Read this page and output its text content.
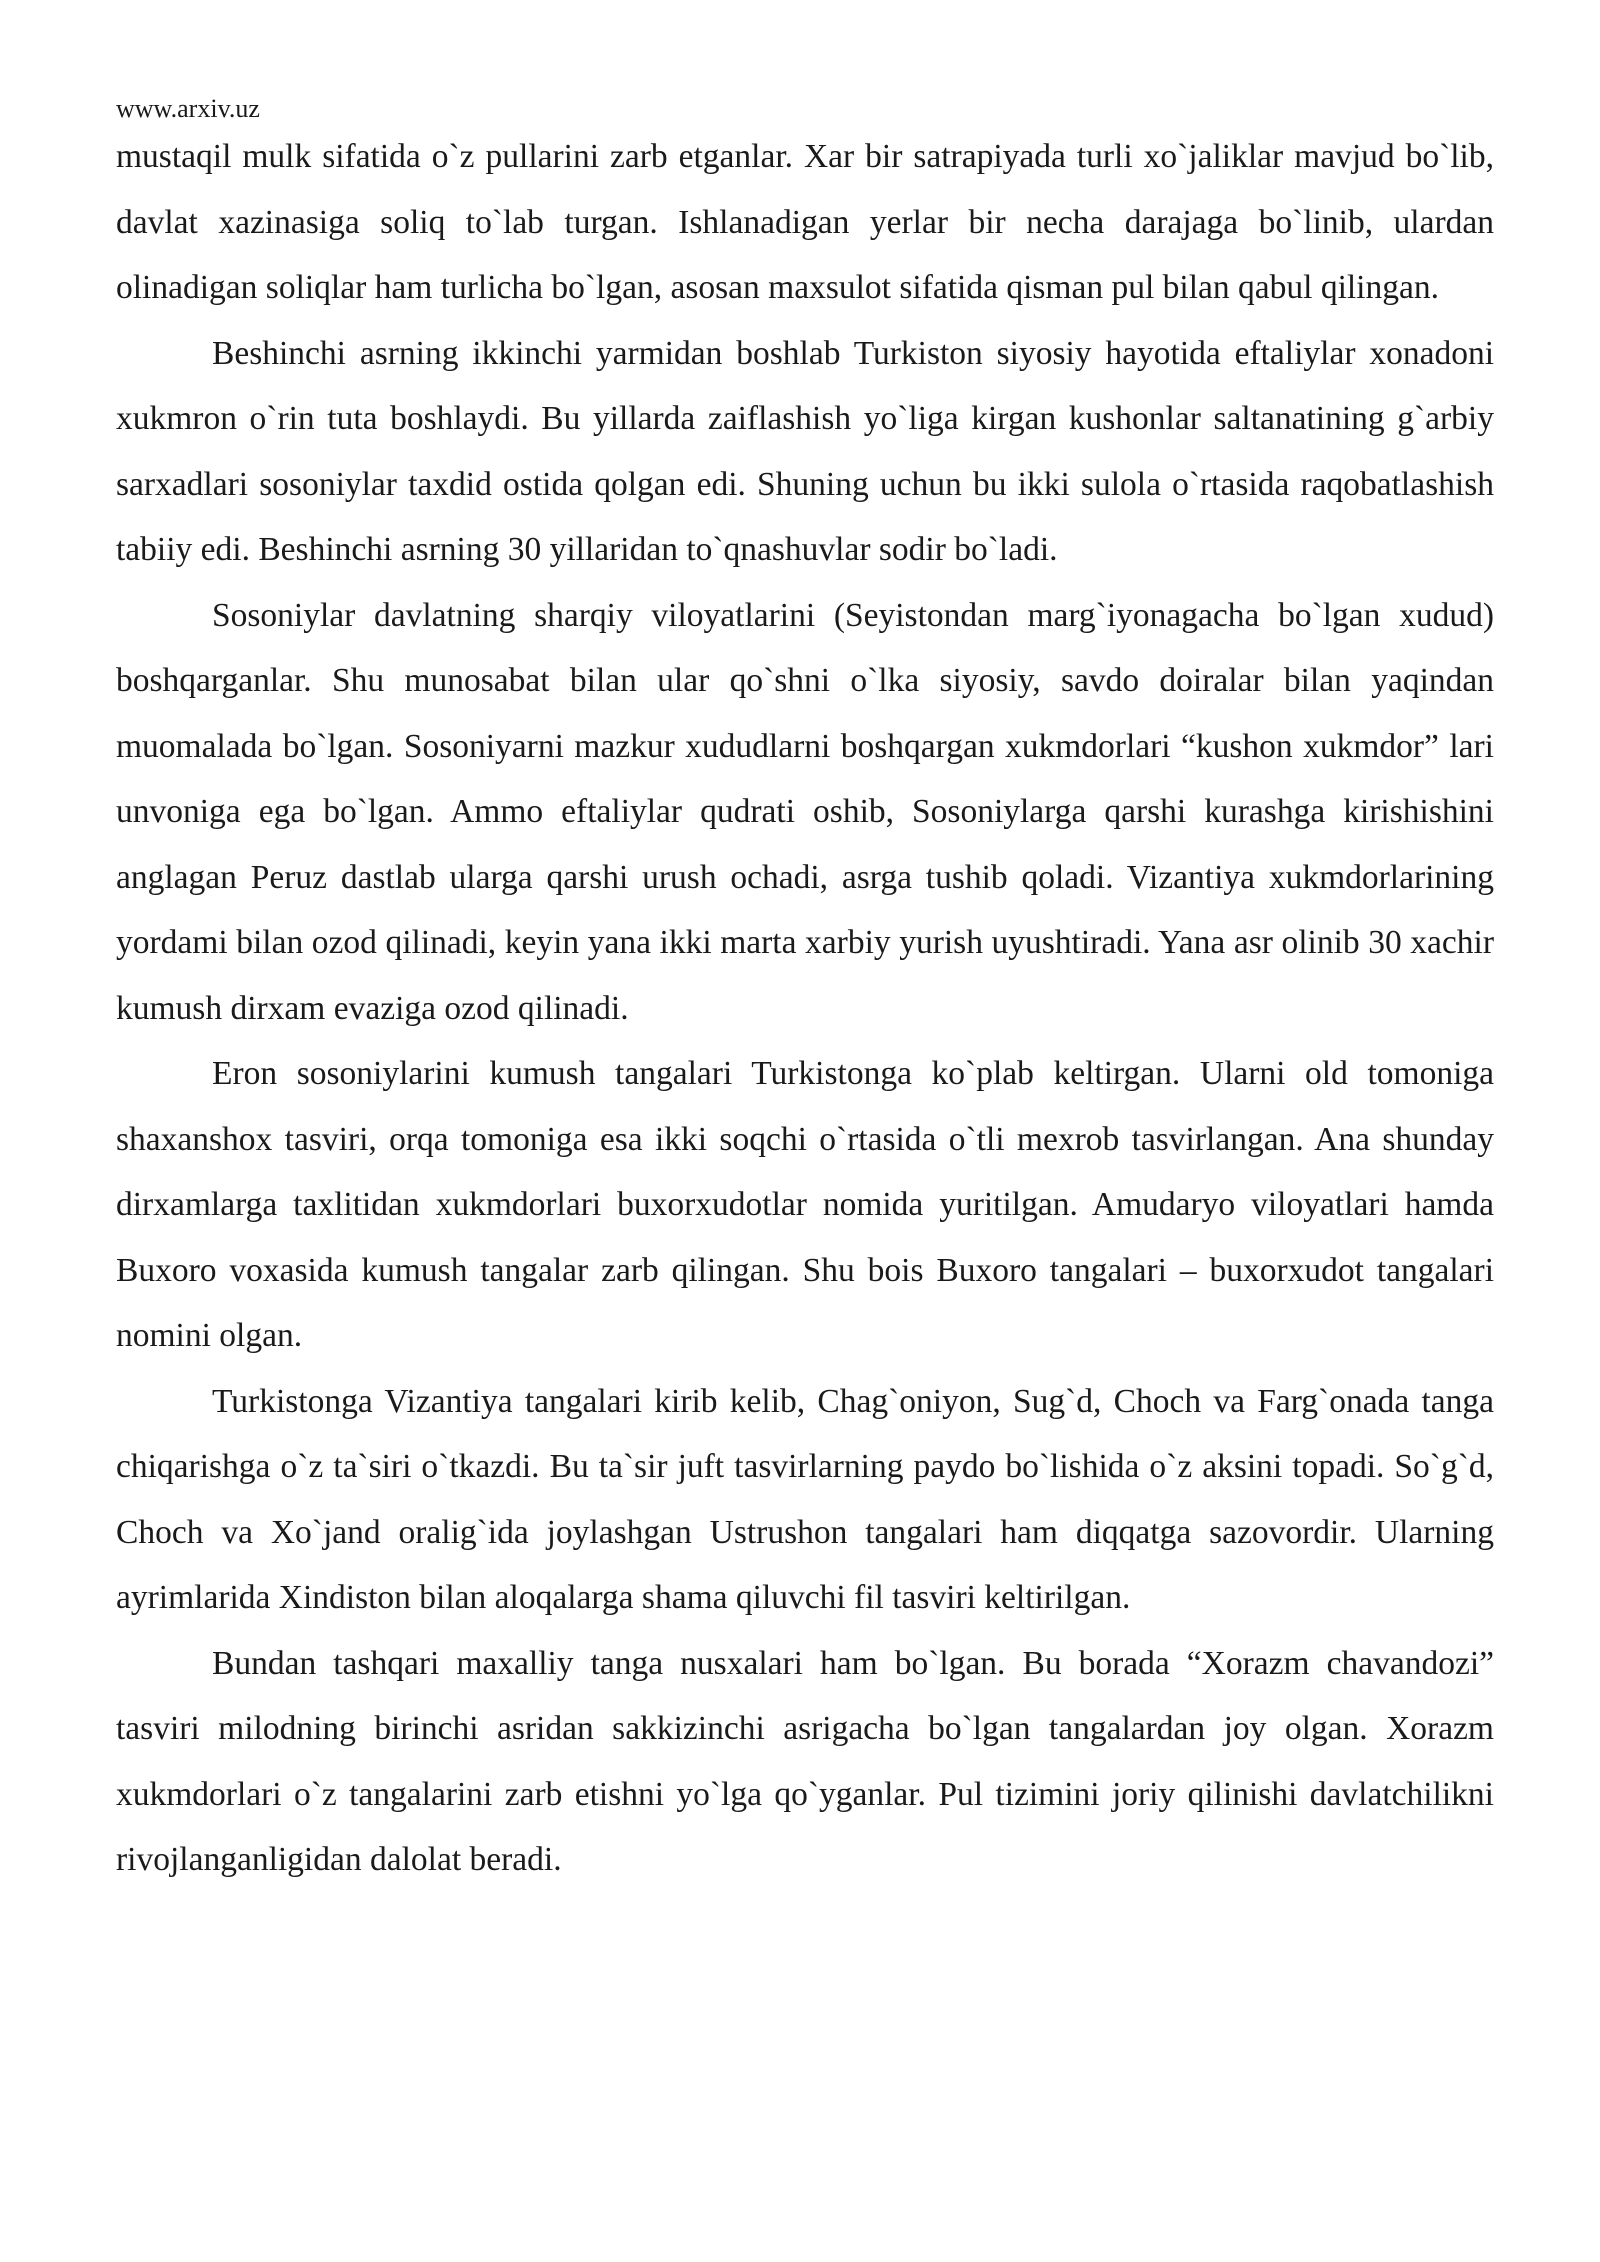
www.arxiv.uz

mustaqil mulk sifatida o`z pullarini zarb etganlar. Xar bir satrapiyada turli xo`jaliklar mavjud bo`lib, davlat xazinasiga soliq to`lab turgan. Ishlanadigan yerlar bir necha darajaga bo`linib, ulardan olinadigan soliqlar ham turlicha bo`lgan, asosan maxsulot sifatida qisman pul bilan qabul qilingan.

Beshinchi asrning ikkinchi yarmidan boshlab Turkiston siyosiy hayotida eftaliylar xonadoni xukmron o`rin tuta boshlaydi. Bu yillarda zaiflashish yo`liga kirgan kushonlar saltanatining g`arbiy sarxadlari sosoniylar taxdid ostida qolgan edi. Shuning uchun bu ikki sulola o`rtasida raqobatlashish tabiiy edi. Beshinchi asrning 30 yillaridan to`qnashuvlar sodir bo`ladi.

Sosoniylar davlatning sharqiy viloyatlarini (Seyistondan marg`iyonagacha bo`lgan xudud) boshqarganlar. Shu munosabat bilan ular qo`shni o`lka siyosiy, savdo doiralar bilan yaqindan muomalada bo`lgan. Sosoniyarni mazkur xududlarni boshqargan xukmdorlari “kushon xukmdor” lari unvoniga ega bo`lgan. Ammo eftaliylar qudrati oshib, Sosoniylarga qarshi kurashga kirishishini anglagan Peruz dastlab ularga qarshi urush ochadi, asrga tushib qoladi. Vizantiya xukmdorlarining yordami bilan ozod qilinadi, keyin yana ikki marta xarbiy yurish uyushtiradi. Yana asr olinib 30 xachir kumush dirxam evaziga ozod qilinadi.

Eron sosoniylarini kumush tangalari Turkistonga ko`plab keltirgan. Ularni old tomoniga shaxanshox tasviri, orqa tomoniga esa ikki soqchi o`rtasida o`tli mexrob tasvirlangan. Ana shunday dirxamlarga taxlitidan xukmdorlari buxorxudotlar nomida yuritilgan. Amudaryo viloyatlari hamda Buxoro voxasida kumush tangalar zarb qilingan. Shu bois Buxoro tangalari – buxorxudot tangalari nomini olgan.

Turkistonga Vizantiya tangalari kirib kelib, Chag`oniyon, Sug`d, Choch va Farg`onada tanga chiqarishga o`z ta`siri o`tkazdi. Bu ta`sir juft tasvirlarning paydo bo`lishida o`z aksini topadi. So`g`d, Choch va Xo`jand oralig`ida joylashgan Ustrushon tangalari ham diqqatga sazovordir. Ularning ayrimlarida Xindiston bilan aloqalarga shama qiluvchi fil tasviri keltirilgan.

Bundan tashqari maxalliy tanga nusxalari ham bo`lgan. Bu borada “Xorazm chavandozi” tasviri milodning birinchi asridan sakkizinchi asrigacha bo`lgan tangalardan joy olgan. Xorazm xukmdorlari o`z tangalarini zarb etishni yo`lga qo`yganlar. Pul tizimini joriy qilinishi davlatchilikni rivojlanganligidan dalolat beradi.
